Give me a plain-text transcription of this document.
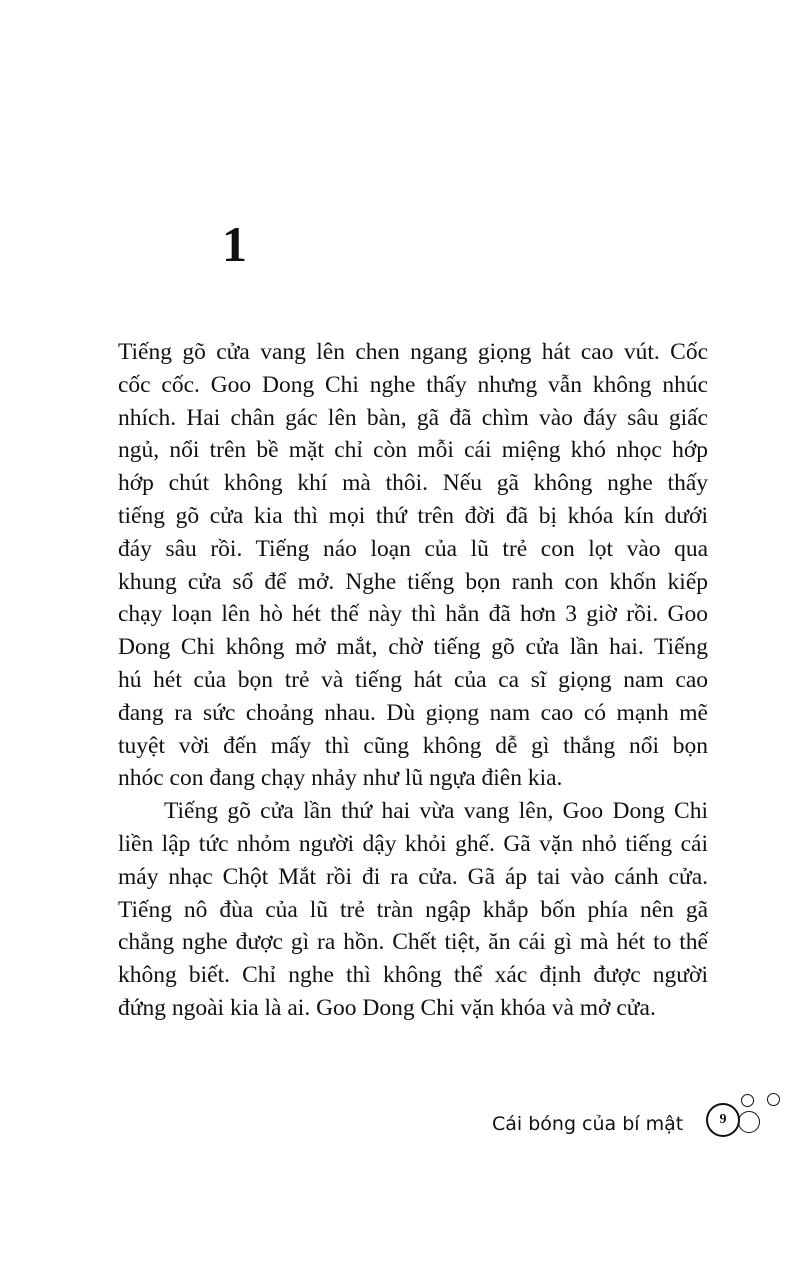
1
Tiếng gõ cửa vang lên chen ngang giọng hát cao vút. Cốc
cốc cốc. Goo Dong Chi nghe thấy nhưng vẫn không nhúc
nhích. Hai chân gác lên bàn, gã đã chìm vào đáy sâu giấc
ngủ, nổi trên bề mặt chỉ còn mỗi cái miệng khó nhọc hớp
hớp chút không khí mà thôi. Nếu gã không nghe thấy
tiếng gõ cửa kia thì mọi thứ trên đời đã bị khóa kín dưới
đáy sâu rồi. Tiếng náo loạn của lũ trẻ con lọt vào qua
khung cửa sổ để mở. Nghe tiếng bọn ranh con khốn kiếp
chạy loạn lên hò hét thế này thì hẳn đã hơn 3 giờ rồi. Goo
Dong Chi không mở mắt, chờ tiếng gõ cửa lần hai. Tiếng
hú hét của bọn trẻ và tiếng hát của ca sĩ giọng nam cao
đang ra sức choảng nhau. Dù giọng nam cao có mạnh mẽ
tuyệt vời đến mấy thì cũng không dễ gì thắng nổi bọn
nhóc con đang chạy nhảy như lũ ngựa điên kia.
Tiếng gõ cửa lần thứ hai vừa vang lên, Goo Dong Chi
liền lập tức nhỏm người dậy khỏi ghế. Gã vặn nhỏ tiếng cái
máy nhạc Chột Mắt rồi đi ra cửa. Gã áp tai vào cánh cửa.
Tiếng nô đùa của lũ trẻ tràn ngập khắp bốn phía nên gã
chẳng nghe được gì ra hồn. Chết tiệt, ăn cái gì mà hét to thế
không biết. Chỉ nghe thì không thể xác định được người
đứng ngoài kia là ai. Goo Dong Chi vặn khóa và mở cửa.
Cái bóng của bí mật	9
